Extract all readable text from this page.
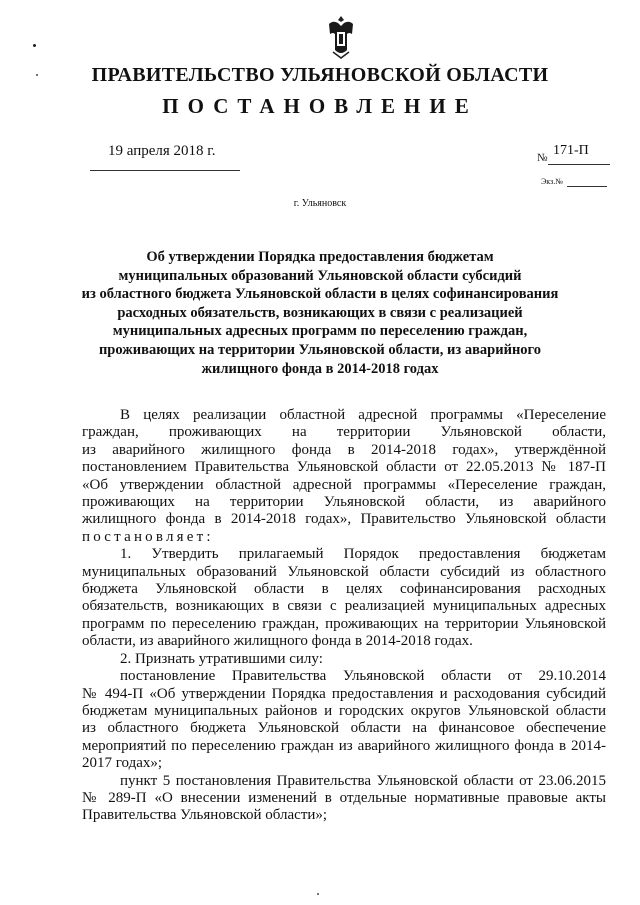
ПРАВИТЕЛЬСТВО УЛЬЯНОВСКОЙ ОБЛАСТИ
ПОСТАНОВЛЕНИЕ
19 апреля 2018 г.	№ 171-П
Экз.№
г. Ульяновск
Об утверждении Порядка предоставления бюджетам
муниципальных образований Ульяновской области субсидий
из областного бюджета Ульяновской области в целях софинансирования
расходных обязательств, возникающих в связи с реализацией
муниципальных адресных программ по переселению граждан,
проживающих на территории Ульяновской области, из аварийного
жилищного фонда в 2014-2018 годах

В целях реализации областной адресной программы «Переселение

граждан, проживающих на территории Ульяновской области,

из аварийного жилищного фонда в 2014-2018 годах», утверждённой

постановлением Правительства Ульяновской области от 22.05.2013 № 187-П

«Об утверждении областной адресной программы «Переселение граждан,

проживающих на территории Ульяновской области, из аварийного

жилищного фонда в 2014-2018 годах», Правительство Ульяновской области

постановляет:

1. Утвердить прилагаемый Порядок предоставления бюджетам

муниципальных образований Ульяновской области субсидий из областного

бюджета Ульяновской области в целях софинансирования расходных

обязательств, возникающих в связи с реализацией муниципальных адресных

программ по переселению граждан, проживающих на территории Ульяновской

области, из аварийного жилищного фонда в 2014-2018 годах.

2. Признать утратившими силу:

постановление Правительства Ульяновской области от 29.10.2014

№ 494-П «Об утверждении Порядка предоставления и расходования субсидий

бюджетам муниципальных районов и городских округов Ульяновской области

из областного бюджета Ульяновской области на финансовое обеспечение

мероприятий по переселению граждан из аварийного жилищного фонда в 2014-

2017 годах»;

пункт 5 постановления Правительства Ульяновской области от 23.06.2015

№ 289-П «О внесении изменений в отдельные нормативные правовые акты

Правительства Ульяновской области»;
